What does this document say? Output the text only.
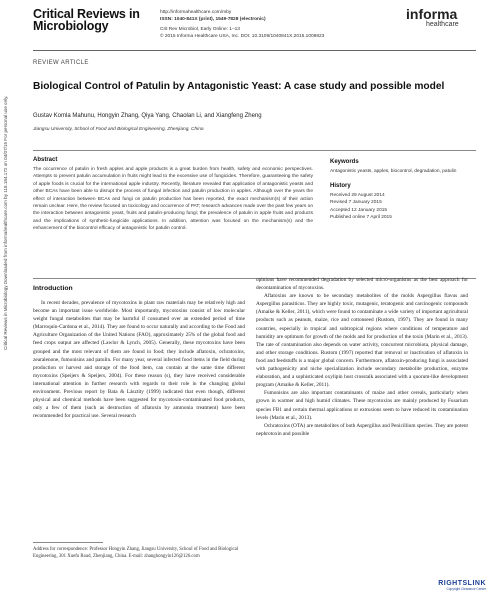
Critical Reviews in Microbiology Downloaded from informahealthcare.com by 118.184.172 on 04/07/15 For personal use only.
Critical Reviews in Microbiology
http://informahealthcare.com/mby
ISSN: 1040-841X (print), 1549-7828 (electronic)
Crit Rev Microbiol, Early Online: 1–13
© 2015 Informa Healthcare USA, Inc. DOI: 10.3109/1040841X.2015.1009823
informa
healthcare
REVIEW ARTICLE
Biological Control of Patulin by Antagonistic Yeast: A case study and possible model
Gustav Komla Mahunu, Hongyin Zhang, Qiya Yang, Chaolan Li, and Xiangfeng Zheng
Jiangsu University, School of Food and Biological Engineering, Zhenjiang, China
Abstract
The occurrence of patulin in fresh apples and apple products is a great burden from health, safety and economic perspectives. Attempts to prevent patulin accumulation in fruits might lead to the excessive use of fungicides. Therefore, guaranteeing the safety of apple foods is crucial for the international apple industry. Recently, literature revealed that application of antagonistic yeasts and other BCAs have been able to disrupt the process of fungal infection and patulin production in apples. Although over the years the effect of interaction between BCAs and fungi on patulin production has been reported, the exact mechanism(s) of their action remain unclear. Here, the review focused on toxicology and occurrence of PAT; research advances made over the past few years on the interaction between antagonistic yeast, fruits and patulin-producing fungi; the prevalence of patulin in apple fruits and products and the implications of synthetic-fungicide applications. In addition, attention was focused on the mechanism(s) and the enhancement of the biocontrol efficacy of antagonistic for patulin control.
Keywords
Antagonistic yeasts, apples, biocontrol, degradation, patulin
History
Received 29 August 2014
Revised 7 January 2015
Accepted 12 January 2015
Published online 7 April 2015
Introduction

In recent decades, prevalence of mycotoxins in plant raw materials may be relatively high and become an important issue worldwide. Most importantly, mycotoxins consist of low molecular weight fungal metabolites that may be harmful if consumed over an extended period of time (Marroquín-Cardona et al., 2014). They are found to occur naturally and according to the Food and Agriculture Organization of the United Nations (FAO), approximately 25% of the global food and feed crops output are affected (Lawlor & Lynch, 2005). Generally, these mycotoxins have been grouped and the most relevant of them are found in food; they include aflatoxin, ochratoxins, zearalenone, fumonisins and patulin. For many year, several infected food items in the field during production or harvest and storage of the food item, can contain at the same time different mycotoxins (Speijers & Speijers, 2004). For these reason (s), they have received considerable international attention in further research with regards to their role in the changing global environment. Previous report by Bata & Lásztity (1999) indicated that even though, different physical and chemical methods have been suggested for mycotoxin-contaminated food products, only a few of them (such as destruction of aflatoxin by ammonia treatment) have been recommended for practical use. Several research

opinions have recommended degradation by selected micro-organisms as the best approach for decontamination of mycotoxins.

Aflatoxins are known to be secondary metabolites of the molds Aspergillus flavus and Aspergillus parasiticus. They are highly toxic, mutagenic, teratogenic and carcinogenic compounds (Amaike & Keller, 2011), which were found to contaminate a wide variety of important agricultural products such as peanuts, maize, rice and cottonseed (Rustom, 1997). They are found in many countries, especially in tropical and subtropical regions where conditions of temperature and humidity are optimum for growth of the molds and for production of the toxin (Marin et al., 2013). The rate of contamination also depends on water activity, concurrent microbiota, physical damage, and other storage conditions. Rustom (1997) reported that removal or inactivation of aflatoxin in food and feedstuffs is a major global concern. Furthermore, aflatoxin-producing fungi is associated with pathogenicity and niche specialization include secondary metabolite production, enzyme elaboration, and a sophisticated oxylipin host crosstalk associated with a quorum-like development program (Amaike & Keller, 2011).

Fumonisins are also important contaminants of maize and other cereals, particularly when grown in warmer and high humid climates. These mycotoxins are mainly produced by Fusarium species FB1 and certain thermal applications or extrusions seem to have reduced its contamination levels (Marin et al., 2013).

Ochratoxins (OTA) are metabolites of both Aspergillus and Penicillium species. They are potent nephrotoxin and possible

Address for correspondence: Professor Hongyin Zhang, Jiangsu University, School of Food and Biological Engineering, 301 Xuefu Road, Zhenjiang, China. E-mail: zhanghongyin126@126.com
RIGHTSLINK
Copyright Clearance Center
